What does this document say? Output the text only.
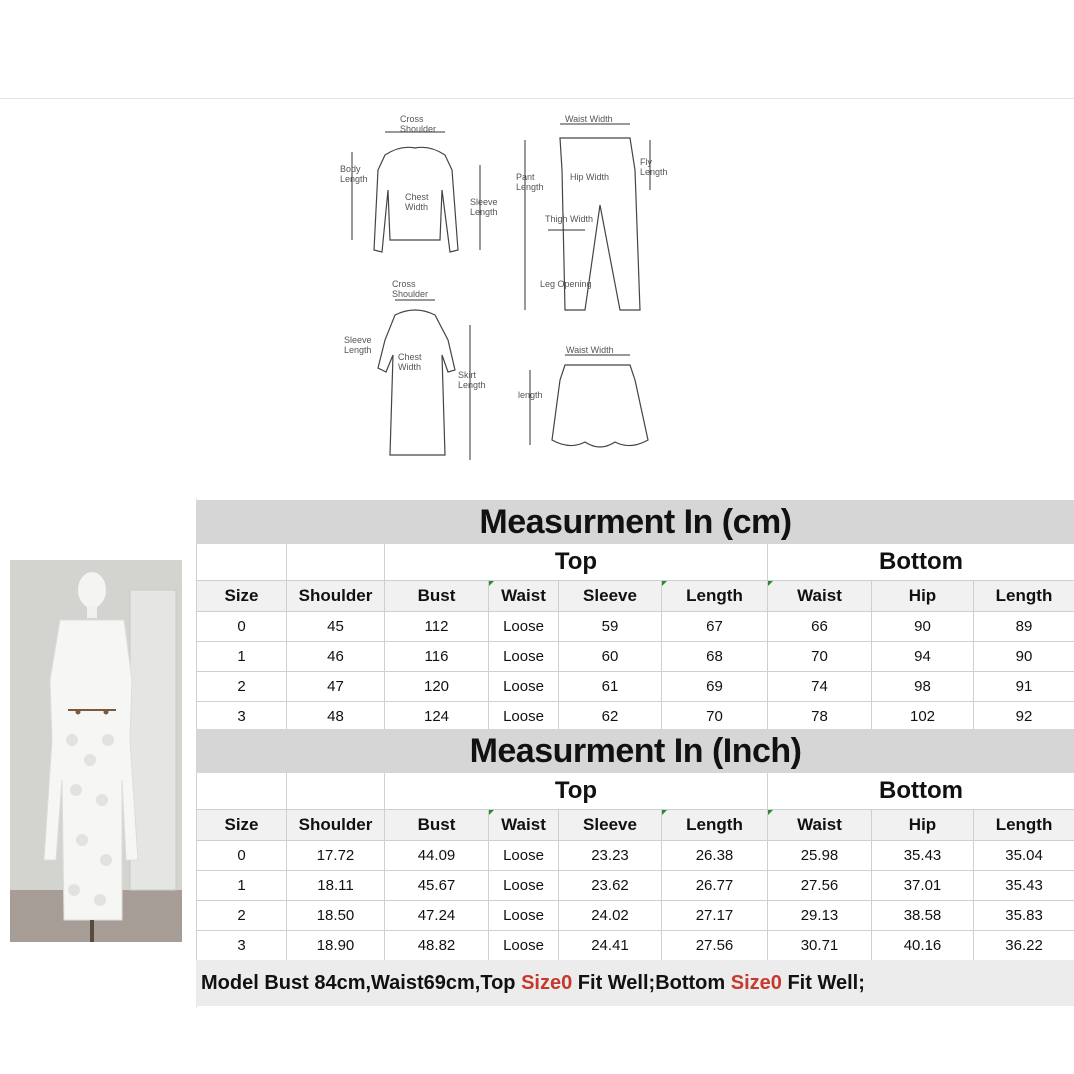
Cross
Shoulder
Body
Length
Chest
Width	Sleeve
Length
Waist Width
Pant
Length
Fly
Length
Hip Width
Thigh Width
Leg Opening
Cross
Shoulder
Sleeve
Length
Chest
Width
Skirt
Length
Waist Width
length
Measurment In (cm)								
		Top				Bottom		
Size	Shoulder	Bust	Waist	Sleeve	Length	Waist	Hip	Length
0	45	112	Loose	59	67	66	90	89
1	46	116	Loose	60	68	70	94	90
2	47	120	Loose	61	69	74	98	91
3	48	124	Loose	62	70	78	102	92
Measurment In (Inch)								
		Top				Bottom		
Size	Shoulder	Bust	Waist	Sleeve	Length	Waist	Hip	Length
0	17.72	44.09	Loose	23.23	26.38	25.98	35.43	35.04
1	18.11	45.67	Loose	23.62	26.77	27.56	37.01	35.43
2	18.50	47.24	Loose	24.02	27.17	29.13	38.58	35.83
3	18.90	48.82	Loose	24.41	27.56	30.71	40.16	36.22
Model Bust 84cm,Waist69cm,Top Size0 Fit Well;Bottom Size0 Fit Well;
